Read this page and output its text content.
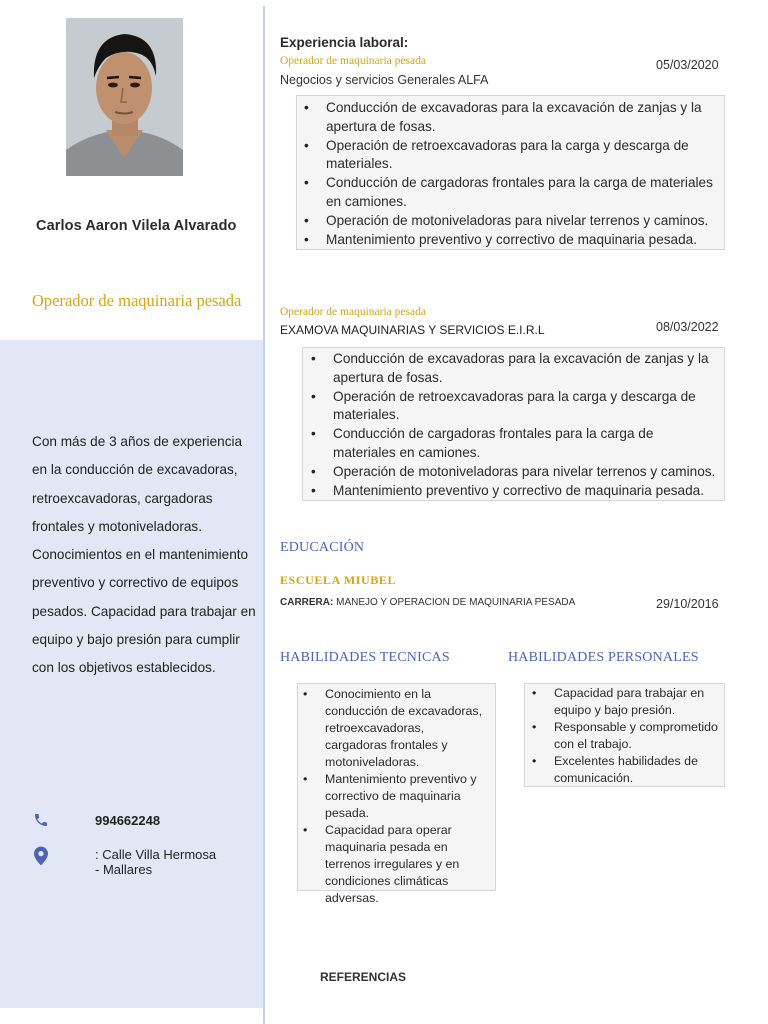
Carlos Aaron Vilela Alvarado
Operador de maquinaria pesada
Con más de 3 años de experiencia en la conducción de excavadoras, retroexcavadoras, cargadoras frontales y motoniveladoras. Conocimientos en el mantenimiento preventivo y correctivo de equipos pesados. Capacidad para trabajar en equipo y bajo presión para cumplir con los objetivos establecidos.
994662248
: Calle Villa Hermosa
- Mallares
Experiencia laboral:
Operador de maquinaria pesada
Negocios y servicios Generales ALFA
05/03/2020
• Conducción de excavadoras para la excavación de zanjas y la apertura de fosas.
• Operación de retroexcavadoras para la carga y descarga de materiales.
• Conducción de cargadoras frontales para la carga de materiales en camiones.
• Operación de motoniveladoras para nivelar terrenos y caminos.
• Mantenimiento preventivo y correctivo de maquinaria pesada.
Operador de maquinaria pesada
EXAMOVA MAQUINARIAS Y SERVICIOS E.I.R.L	08/03/2022
• Conducción de excavadoras para la excavación de zanjas y la apertura de fosas.
• Operación de retroexcavadoras para la carga y descarga de materiales.
• Conducción de cargadoras frontales para la carga de materiales en camiones.
• Operación de motoniveladoras para nivelar terrenos y caminos.
• Mantenimiento preventivo y correctivo de maquinaria pesada.
EDUCACIÓN
ESCUELA MIUBEL
CARRERA: MANEJO Y OPERACION DE MAQUINARIA PESADA	29/10/2016
HABILIDADES TECNICAS	HABILIDADES PERSONALES
• Conocimiento en la conducción de excavadoras, retroexcavadoras, cargadoras frontales y motoniveladoras.
• Mantenimiento preventivo y correctivo de maquinaria pesada.
• Capacidad para operar maquinaria pesada en terrenos irregulares y en condiciones climáticas adversas.
• Capacidad para trabajar en equipo y bajo presión.
• Responsable y comprometido con el trabajo.
• Excelentes habilidades de comunicación.
REFERENCIAS
